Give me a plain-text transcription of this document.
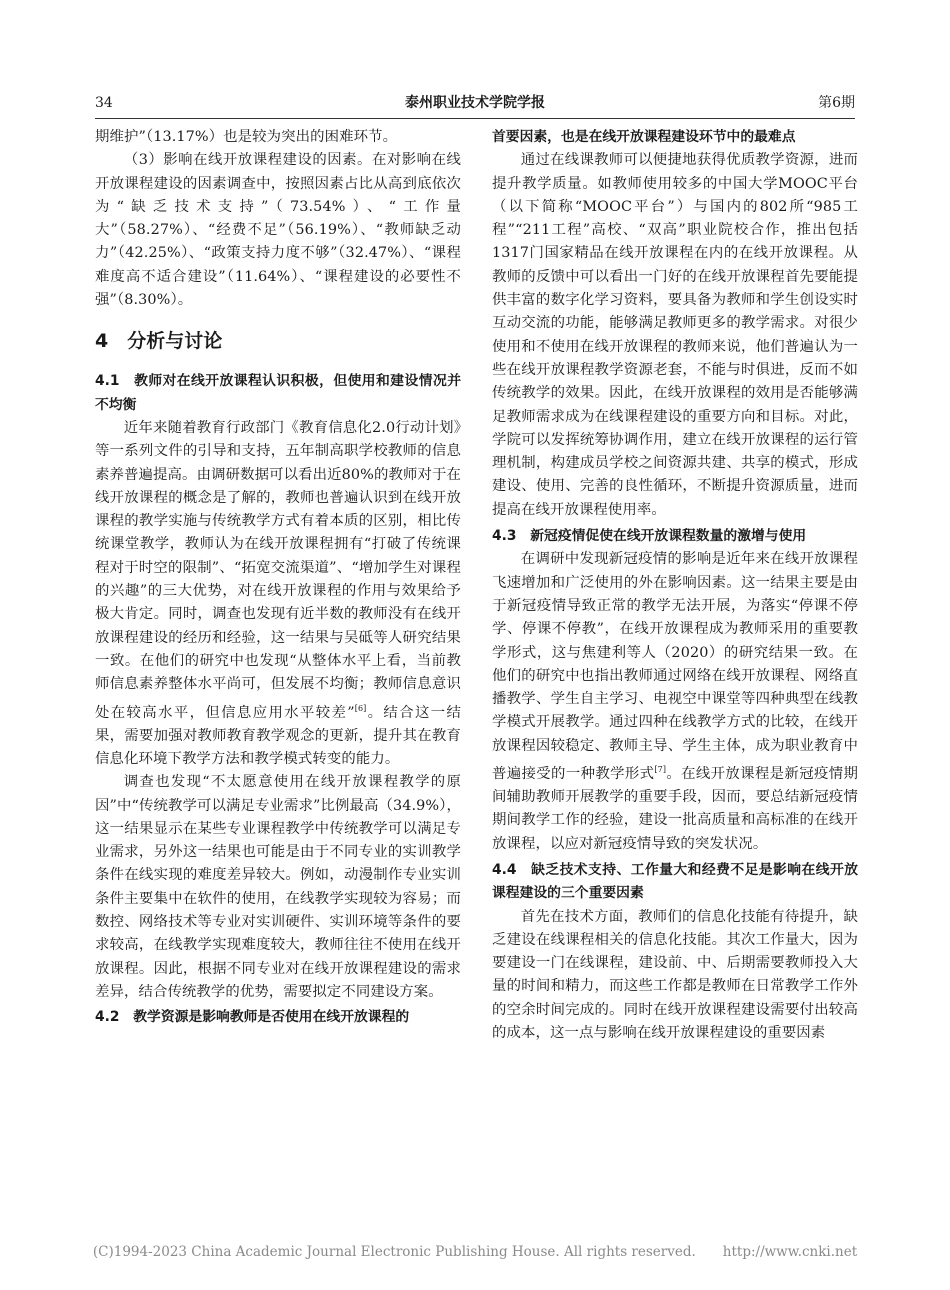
34	泰州职业技术学院学报	第6期

期维护”（13.17%）也是较为突出的困难环节。

（3）影响在线开放课程建设的因素。在对影响在线开放课程建设的因素调查中，按照因素占比从高到底依次为“缺乏技术支持”（73.54%）、“工作量大”（58.27%）、“经费不足”（56.19%）、“教师缺乏动力”（42.25%）、“政策支持力度不够”（32.47%）、“课程难度高不适合建设”（11.64%）、“课程建设的必要性不强”（8.30%）。

4　分析与讨论
4.1　教师对在线开放课程认识积极，但使用和建设情况并不均衡

近年来随着教育行政部门《教育信息化2.0行动计划》等一系列文件的引导和支持，五年制高职学校教师的信息素养普遍提高。由调研数据可以看出近80%的教师对于在线开放课程的概念是了解的，教师也普遍认识到在线开放课程的教学实施与传统教学方式有着本质的区别，相比传统课堂教学，教师认为在线开放课程拥有“打破了传统课程对于时空的限制”、“拓宽交流渠道”、“增加学生对课程的兴趣”的三大优势，对在线开放课程的作用与效果给予极大肯定。同时，调查也发现有近半数的教师没有在线开放课程建设的经历和经验，这一结果与吴砥等人研究结果一致。在他们的研究中也发现“从整体水平上看，当前教师信息素养整体水平尚可，但发展不均衡；教师信息意识处在较高水平，但信息应用水平较差”[6]。结合这一结果，需要加强对教师教育教学观念的更新，提升其在教育信息化环境下教学方法和教学模式转变的能力。

调查也发现“不太愿意使用在线开放课程教学的原因”中“传统教学可以满足专业需求”比例最高（34.9%），这一结果显示在某些专业课程教学中传统教学可以满足专业需求，另外这一结果也可能是由于不同专业的实训教学条件在线实现的难度差异较大。例如，动漫制作专业实训条件主要集中在软件的使用，在线教学实现较为容易；而数控、网络技术等专业对实训硬件、实训环境等条件的要求较高，在线教学实现难度较大，教师往往不使用在线开放课程。因此，根据不同专业对在线开放课程建设的需求差异，结合传统教学的优势，需要拟定不同建设方案。

4.2　教学资源是影响教师是否使用在线开放课程的
首要因素，也是在线开放课程建设环节中的最难点

通过在线课教师可以便捷地获得优质教学资源，进而提升教学质量。如教师使用较多的中国大学MOOC平台（以下简称“MOOC平台”）与国内的802所“985工程”“211工程”高校、“双高”职业院校合作，推出包括1317门国家精品在线开放课程在内的在线开放课程。从教师的反馈中可以看出一门好的在线开放课程首先要能提供丰富的数字化学习资料，要具备为教师和学生创设实时互动交流的功能，能够满足教师更多的教学需求。对很少使用和不使用在线开放课程的教师来说，他们普遍认为一些在线开放课程教学资源老套，不能与时俱进，反而不如传统教学的效果。因此，在线开放课程的效用是否能够满足教师需求成为在线课程建设的重要方向和目标。对此，学院可以发挥统筹协调作用，建立在线开放课程的运行管理机制，构建成员学校之间资源共建、共享的模式，形成建设、使用、完善的良性循环，不断提升资源质量，进而提高在线开放课程使用率。

4.3　新冠疫情促使在线开放课程数量的激增与使用

在调研中发现新冠疫情的影响是近年来在线开放课程飞速增加和广泛使用的外在影响因素。这一结果主要是由于新冠疫情导致正常的教学无法开展，为落实“停课不停学、停课不停教”，在线开放课程成为教师采用的重要教学形式，这与焦建利等人（2020）的研究结果一致。在他们的研究中也指出教师通过网络在线开放课程、网络直播教学、学生自主学习、电视空中课堂等四种典型在线教学模式开展教学。通过四种在线教学方式的比较，在线开放课程因较稳定、教师主导、学生主体，成为职业教育中普遍接受的一种教学形式[7]。在线开放课程是新冠疫情期间辅助教师开展教学的重要手段，因而，要总结新冠疫情期间教学工作的经验，建设一批高质量和高标准的在线开放课程，以应对新冠疫情导致的突发状况。

4.4　缺乏技术支持、工作量大和经费不足是影响在线开放课程建设的三个重要因素

首先在技术方面，教师们的信息化技能有待提升，缺乏建设在线课程相关的信息化技能。其次工作量大，因为要建设一门在线课程，建设前、中、后期需要教师投入大量的时间和精力，而这些工作都是教师在日常教学工作外的空余时间完成的。同时在线开放课程建设需要付出较高的成本，这一点与影响在线开放课程建设的重要因素

(C)1994-2023 China Academic Journal Electronic Publishing House. All rights reserved.　　http://www.cnki.net
